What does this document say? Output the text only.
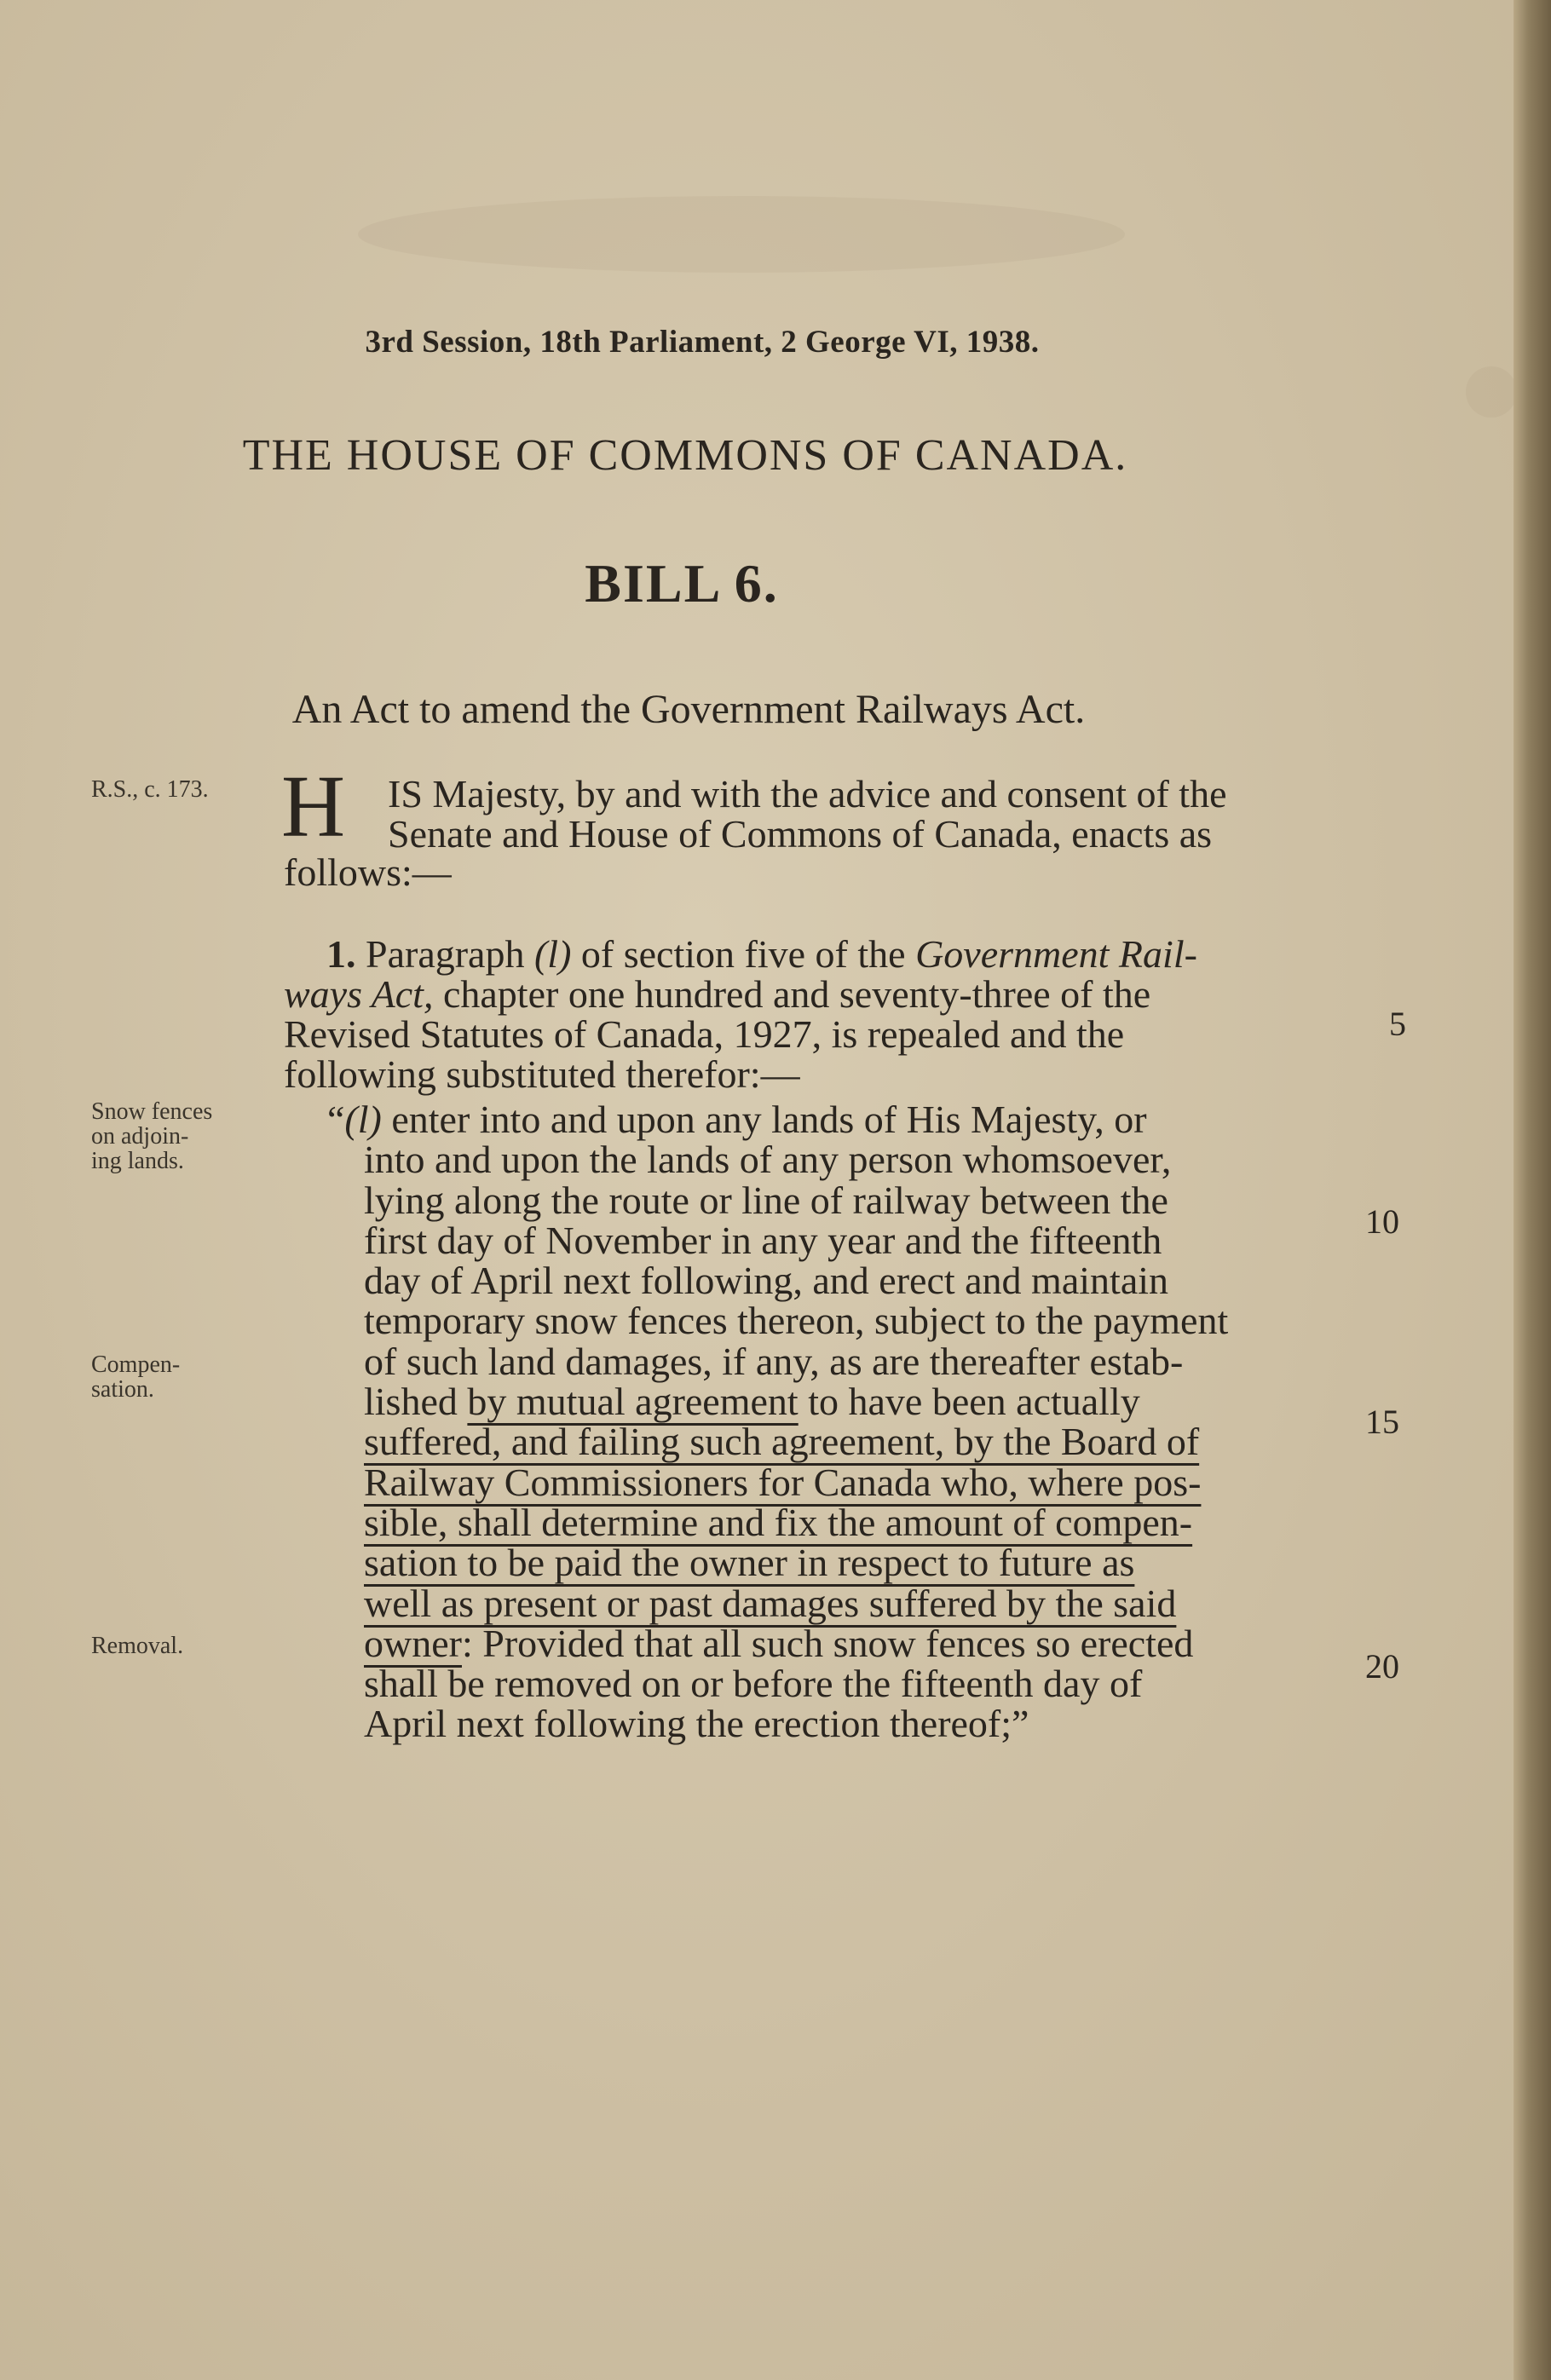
3rd Session, 18th Parliament, 2 George VI, 1938.
THE HOUSE OF COMMONS OF CANADA.
BILL 6.
An Act to amend the Government Railways Act.
R.S., c. 173.
Snow fences
on adjoin-
ing lands.
Compen-
sation.
Removal.
H IS Majesty, by and with the advice and consent of the
Senate and House of Commons of Canada, enacts as
follows:—
1. Paragraph (l) of section five of the Government Rail-
ways Act, chapter one hundred and seventy-three of the
Revised Statutes of Canada, 1927, is repealed and the
following substituted therefor:—
“(l) enter into and upon any lands of His Majesty, or
into and upon the lands of any person whomsoever,
lying along the route or line of railway between the
first day of November in any year and the fifteenth
day of April next following, and erect and maintain
temporary snow fences thereon, subject to the payment
of such land damages, if any, as are thereafter estab-
lished by mutual agreement to have been actually
suffered, and failing such agreement, by the Board of
Railway Commissioners for Canada who, where pos-
sible, shall determine and fix the amount of compen-
sation to be paid the owner in respect to future as
well as present or past damages suffered by the said
owner: Provided that all such snow fences so erected
shall be removed on or before the fifteenth day of
April next following the erection thereof;”
5
10
15
20
